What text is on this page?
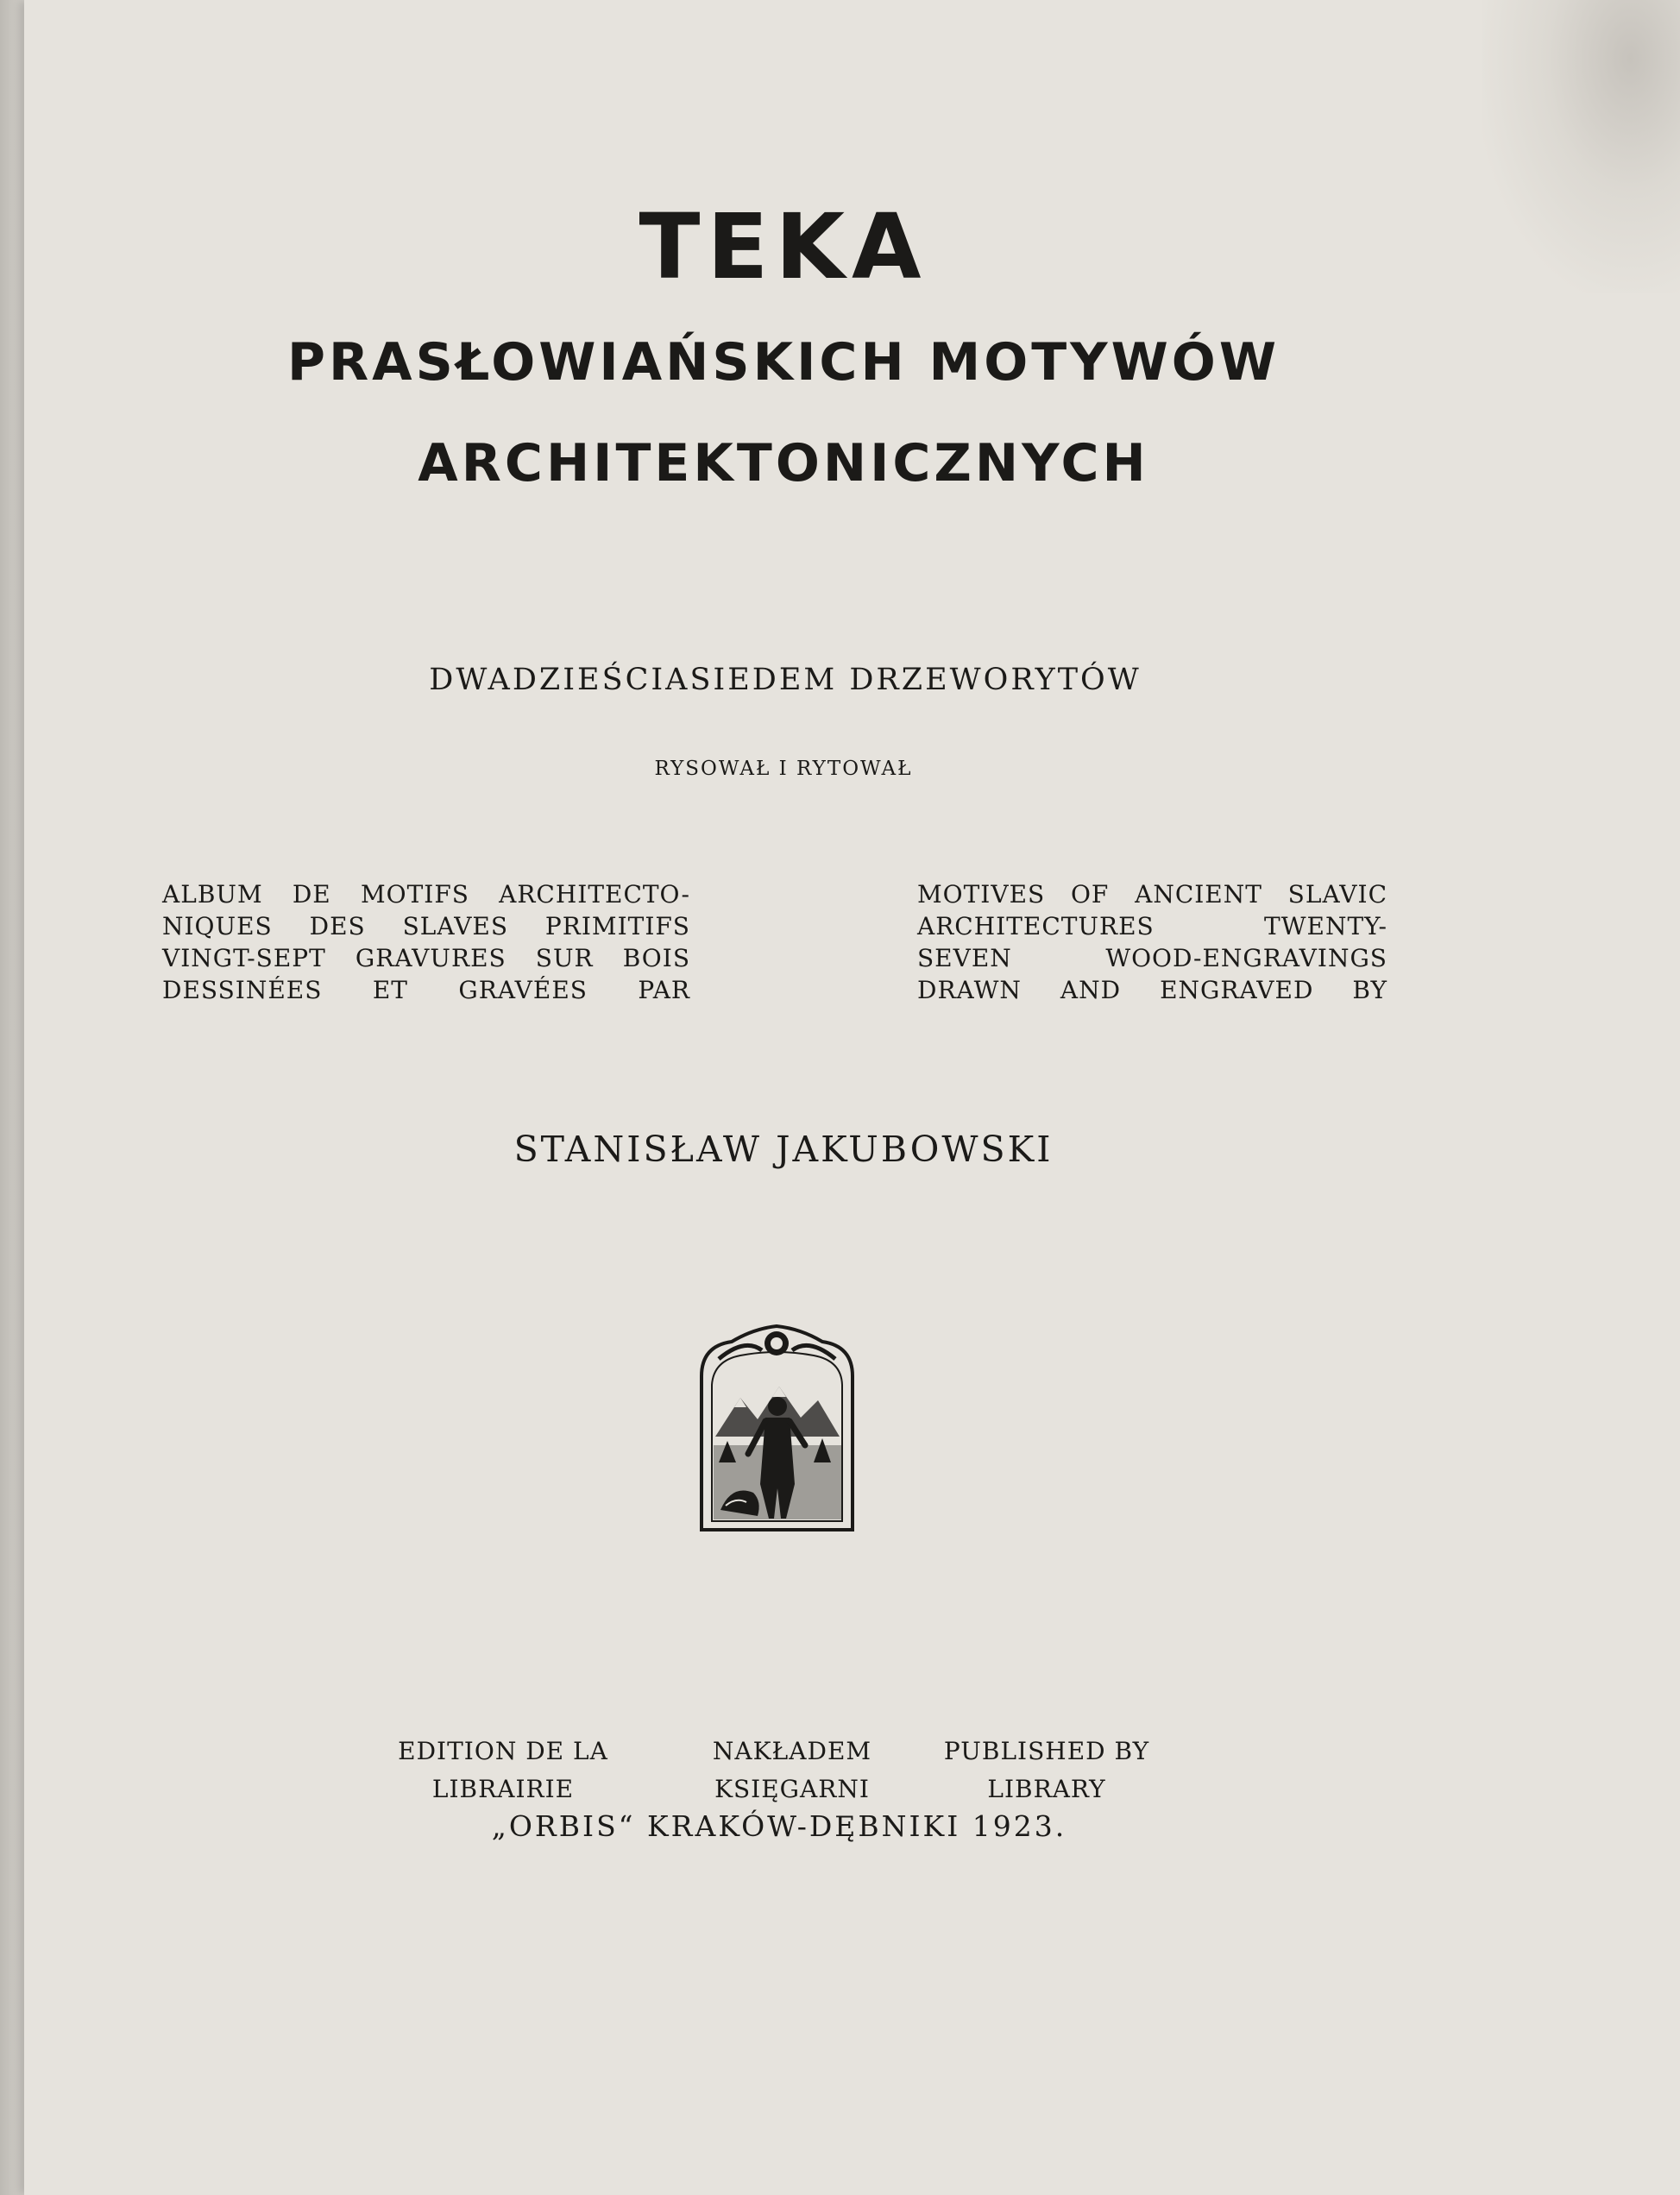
TEKA
PRASŁOWIAŃSKICH MOTYWÓW
ARCHITEKTONICZNYCH
DWADZIEŚCIASIEDEM DRZEWORYTÓW
RYSOWAŁ I RYTOWAŁ
ALBUM DE MOTIFS ARCHITECTO-
NIQUES DES SLAVES PRIMITIFS
VINGT-SEPT GRAVURES SUR BOIS
DESSINÉES ET GRAVÉES PAR
MOTIVES OF ANCIENT SLAVIC
ARCHITECTURES TWENTY-
SEVEN WOOD-ENGRAVINGS
DRAWN AND ENGRAVED BY
STANISŁAW JAKUBOWSKI
EDITION DE LA
LIBRAIRIE
NAKŁADEM
KSIĘGARNI
PUBLISHED BY
LIBRARY
„ORBIS“ KRAKÓW-DĘBNIKI 1923.
